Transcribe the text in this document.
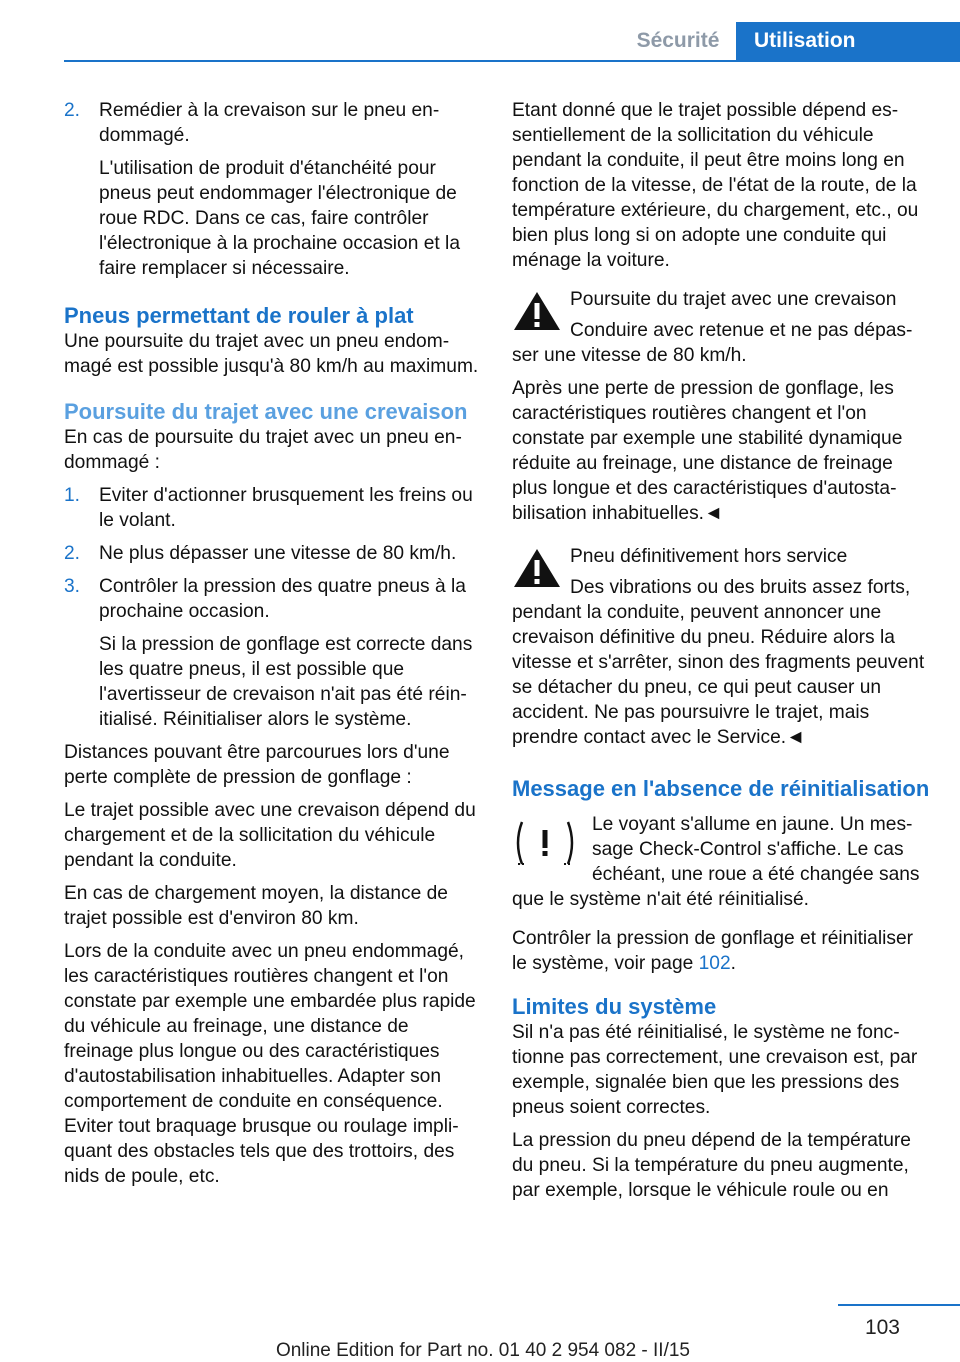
Sécurité	Utilisation
2. Remédier à la crevaison sur le pneu endommagé.
L'utilisation de produit d'étanchéité pour pneus peut endommager l'électronique de roue RDC. Dans ce cas, faire contrôler l'électronique à la prochaine occasion et la faire remplacer si nécessaire.
Pneus permettant de rouler à plat

Une poursuite du trajet avec un pneu endommagé est possible jusqu'à 80 km/h au maximum.

Poursuite du trajet avec une crevaison

En cas de poursuite du trajet avec un pneu endommagé :

1. Eviter d'actionner brusquement les freins ou le volant.
2. Ne plus dépasser une vitesse de 80 km/h.
3. Contrôler la pression des quatre pneus à la prochaine occasion.
Si la pression de gonflage est correcte dans les quatre pneus, il est possible que l'avertisseur de crevaison n'ait pas été réinitialisé. Réinitialiser alors le système.

Distances pouvant être parcourues lors d'une perte complète de pression de gonflage :

Le trajet possible avec une crevaison dépend du chargement et de la sollicitation du véhicule pendant la conduite.

En cas de chargement moyen, la distance de trajet possible est d'environ 80 km.

Lors de la conduite avec un pneu endommagé, les caractéristiques routières changent et l'on constate par exemple une embardée plus rapide du véhicule au freinage, une distance de freinage plus longue ou des caractéristiques d'autostabilisation inhabituelles. Adapter son comportement de conduite en conséquence. Eviter tout braquage brusque ou roulage impliquant des obstacles tels que des trottoirs, des nids de poule, etc.

Etant donné que le trajet possible dépend essentiellement de la sollicitation du véhicule pendant la conduite, il peut être moins long en fonction de la vitesse, de l'état de la route, de la température extérieure, du chargement, etc., ou bien plus long si on adopte une conduite qui ménage la voiture.

Poursuite du trajet avec une crevaison
Conduire avec retenue et ne pas dépasser une vitesse de 80 km/h.

Après une perte de pression de gonflage, les caractéristiques routières changent et l'on constate par exemple une stabilité dynamique réduite au freinage, une distance de freinage plus longue et des caractéristiques d'autostabilisation inhabituelles.◄

Pneu définitivement hors service
Des vibrations ou des bruits assez forts, pendant la conduite, peuvent annoncer une crevaison définitive du pneu. Réduire alors la vitesse et s'arrêter, sinon des fragments peuvent se détacher du pneu, ce qui peut causer un accident. Ne pas poursuivre le trajet, mais prendre contact avec le Service.◄
Message en l'absence de réinitialisation

Le voyant s'allume en jaune. Un message Check-Control s'affiche. Le cas échéant, une roue a été changée sans que le système n'ait été réinitialisé.

Contrôler la pression de gonflage et réinitialiser le système, voir page 102.

Limites du système

Sil n'a pas été réinitialisé, le système ne fonctionne pas correctement, une crevaison est, par exemple, signalée bien que les pressions des pneus soient correctes.

La pression du pneu dépend de la température du pneu. Si la température du pneu augmente, par exemple, lorsque le véhicule roule ou en

103
Online Edition for Part no. 01 40 2 954 082 - II/15
